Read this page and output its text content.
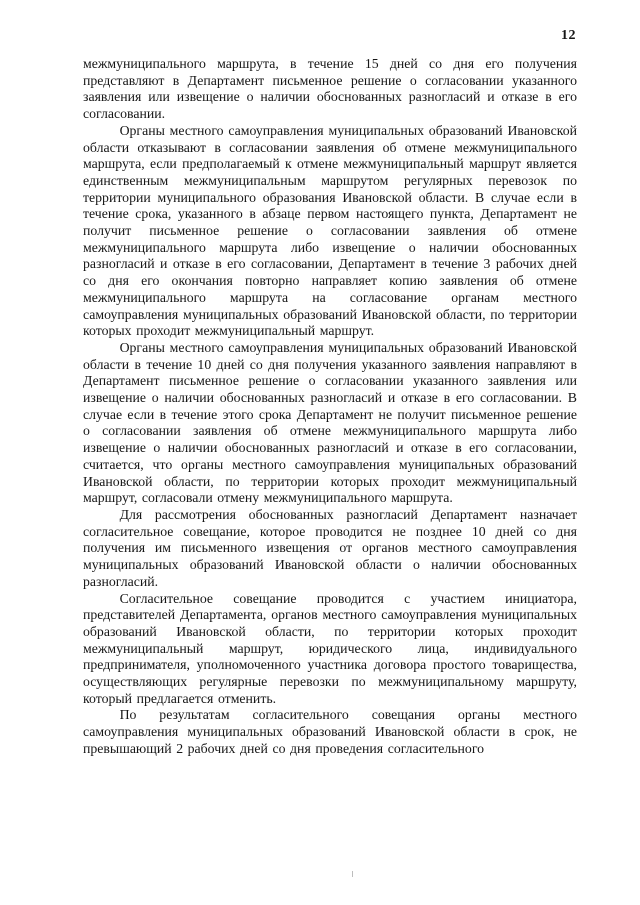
12

межмуниципального маршрута, в течение 15 дней со дня его получения представляют в Департамент письменное решение о согласовании указанного заявления или извещение о наличии обоснованных разногласий и отказе в его согласовании.

Органы местного самоуправления муниципальных образований Ивановской области отказывают в согласовании заявления об отмене межмуниципального маршрута, если предполагаемый к отмене межмуниципальный маршрут является единственным межмуниципальным маршрутом регулярных перевозок по территории муниципального образования Ивановской области. В случае если в течение срока, указанного в абзаце первом настоящего пункта, Департамент не получит письменное решение о согласовании заявления об отмене межмуниципального маршрута либо извещение о наличии обоснованных разногласий и отказе в его согласовании, Департамент в течение 3 рабочих дней со дня его окончания повторно направляет копию заявления об отмене межмуниципального маршрута на согласование органам местного самоуправления муниципальных образований Ивановской области, по территории которых проходит межмуниципальный маршрут.

Органы местного самоуправления муниципальных образований Ивановской области в течение 10 дней со дня получения указанного заявления направляют в Департамент письменное решение о согласовании указанного заявления или извещение о наличии обоснованных разногласий и отказе в его согласовании. В случае если в течение этого срока Департамент не получит письменное решение о согласовании заявления об отмене межмуниципального маршрута либо извещение о наличии обоснованных разногласий и отказе в его согласовании, считается, что органы местного самоуправления муниципальных образований Ивановской области, по территории которых проходит межмуниципальный маршрут, согласовали отмену межмуниципального маршрута.

Для рассмотрения обоснованных разногласий Департамент назначает согласительное совещание, которое проводится не позднее 10 дней со дня получения им письменного извещения от органов местного самоуправления муниципальных образований Ивановской области о наличии обоснованных разногласий.

Согласительное совещание проводится с участием инициатора, представителей Департамента, органов местного самоуправления муниципальных образований Ивановской области, по территории которых проходит межмуниципальный маршрут, юридического лица, индивидуального предпринимателя, уполномоченного участника договора простого товарищества, осуществляющих регулярные перевозки по межмуниципальному маршруту, который предлагается отменить.

По результатам согласительного совещания органы местного самоуправления муниципальных образований Ивановской области в срок, не превышающий 2 рабочих дней со дня проведения согласительного
